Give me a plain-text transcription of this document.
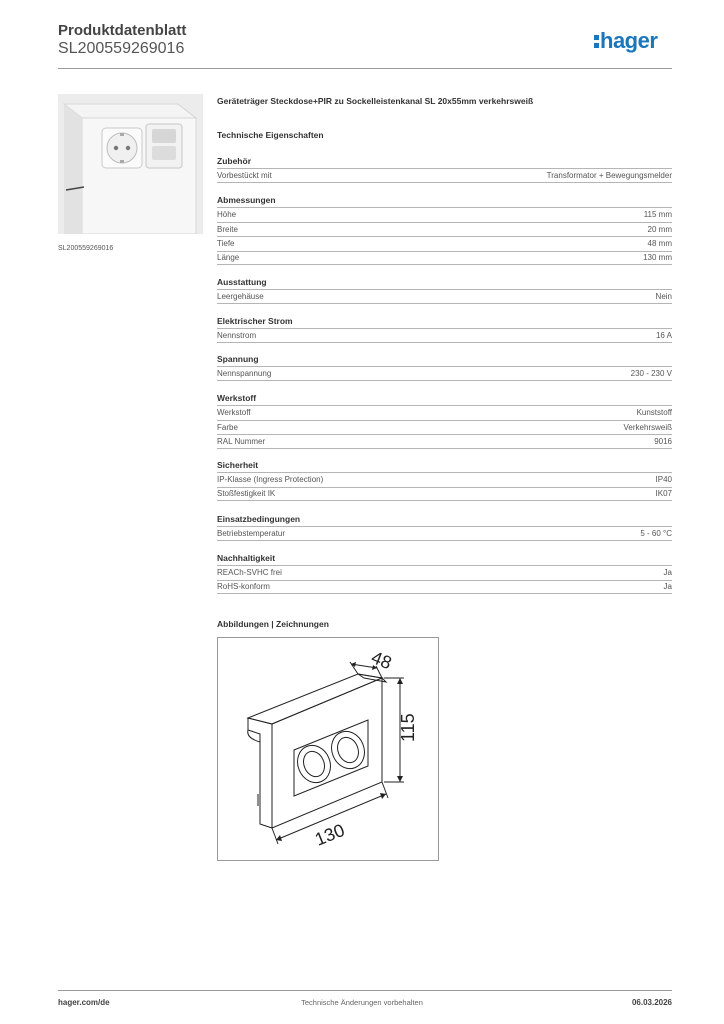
Produktdatenblatt
SL200559269016	hager
SL200559269016
Geräteträger Steckdose+PIR zu Sockelleistenkanal SL 20x55mm verkehrsweiß
Technische Eigenschaften
Zubehör
Vorbestückt mit	Transformator + Bewegungsmelder
Abmessungen
Höhe	115 mm
Breite	20 mm
Tiefe	48 mm
Länge	130 mm
Ausstattung
Leergehäuse	Nein
Elektrischer Strom
Nennstrom	16 A
Spannung
Nennspannung	230 - 230 V
Werkstoff
Werkstoff	Kunststoff
Farbe	Verkehrsweiß
RAL Nummer	9016
Sicherheit
IP-Klasse (Ingress Protection)	IP40
Stoßfestigkeit IK	IK07
Einsatzbedingungen
Betriebstemperatur	5 - 60 °C
Nachhaltigkeit
REACh-SVHC frei	Ja
RoHS-konform	Ja
Abbildungen | Zeichnungen
48
115
130
hager.com/de	Technische Änderungen vorbehalten	06.03.2026
